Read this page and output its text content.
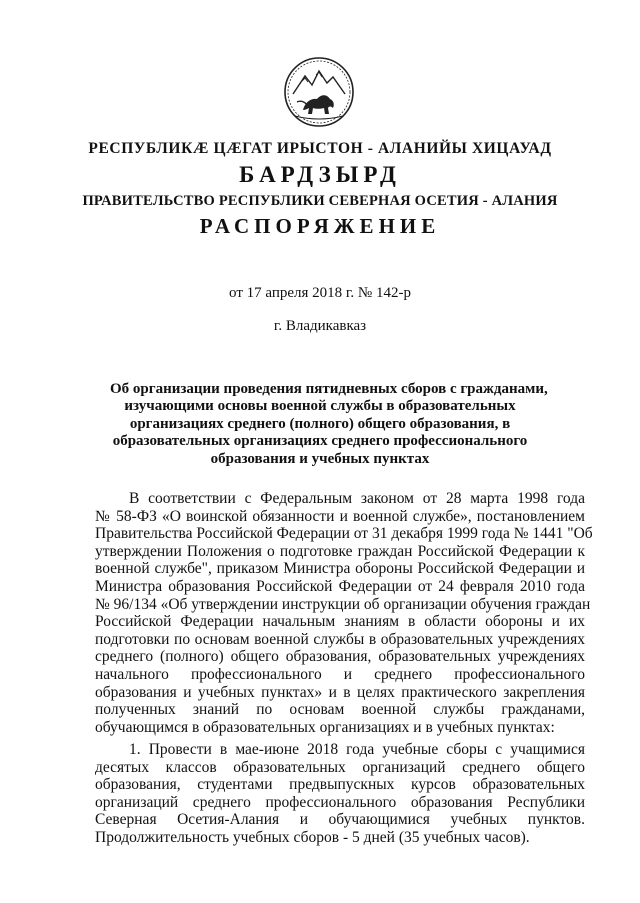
РЕСПУБЛИКÆ ЦÆГАТ ИРЫСТОН - АЛАНИЙЫ ХИЦАУАД
БАРДЗЫРД
ПРАВИТЕЛЬСТВО РЕСПУБЛИКИ СЕВЕРНАЯ ОСЕТИЯ - АЛАНИЯ
РАСПОРЯЖЕНИЕ
от 17 апреля 2018 г. № 142-р
г. Владикавказ
Об организации проведения пятидневных сборов с гражданами,
изучающими основы военной службы в образовательных
организациях среднего (полного) общего образования, в
образовательных организациях среднего профессионального
образования и учебных пунктах
В соответствии с Федеральным законом от 28 марта 1998 года
№ 58-ФЗ «О воинской обязанности и военной службе», постановлением
Правительства Российской Федерации от 31 декабря 1999 года № 1441 "Об
утверждении Положения о подготовке граждан Российской Федерации к
военной службе", приказом Министра обороны Российской Федерации и
Министра образования Российской Федерации от 24 февраля 2010 года
№ 96/134 «Об утверждении инструкции об организации обучения граждан
Российской Федерации начальным знаниям в области обороны и их
подготовки по основам военной службы в образовательных учреждениях
среднего (полного) общего образования, образовательных учреждениях
начального профессионального и среднего профессионального
образования и учебных пунктах» и в целях практического закрепления
полученных знаний по основам военной службы гражданами,
обучающимся в образовательных организациях и в учебных пунктах:
1. Провести в мае-июне 2018 года учебные сборы с учащимися
десятых классов образовательных организаций среднего общего
образования, студентами предвыпускных курсов образовательных
организаций среднего профессионального образования Республики
Северная Осетия-Алания и обучающимися учебных пунктов.
Продолжительность учебных сборов - 5 дней (35 учебных часов).
